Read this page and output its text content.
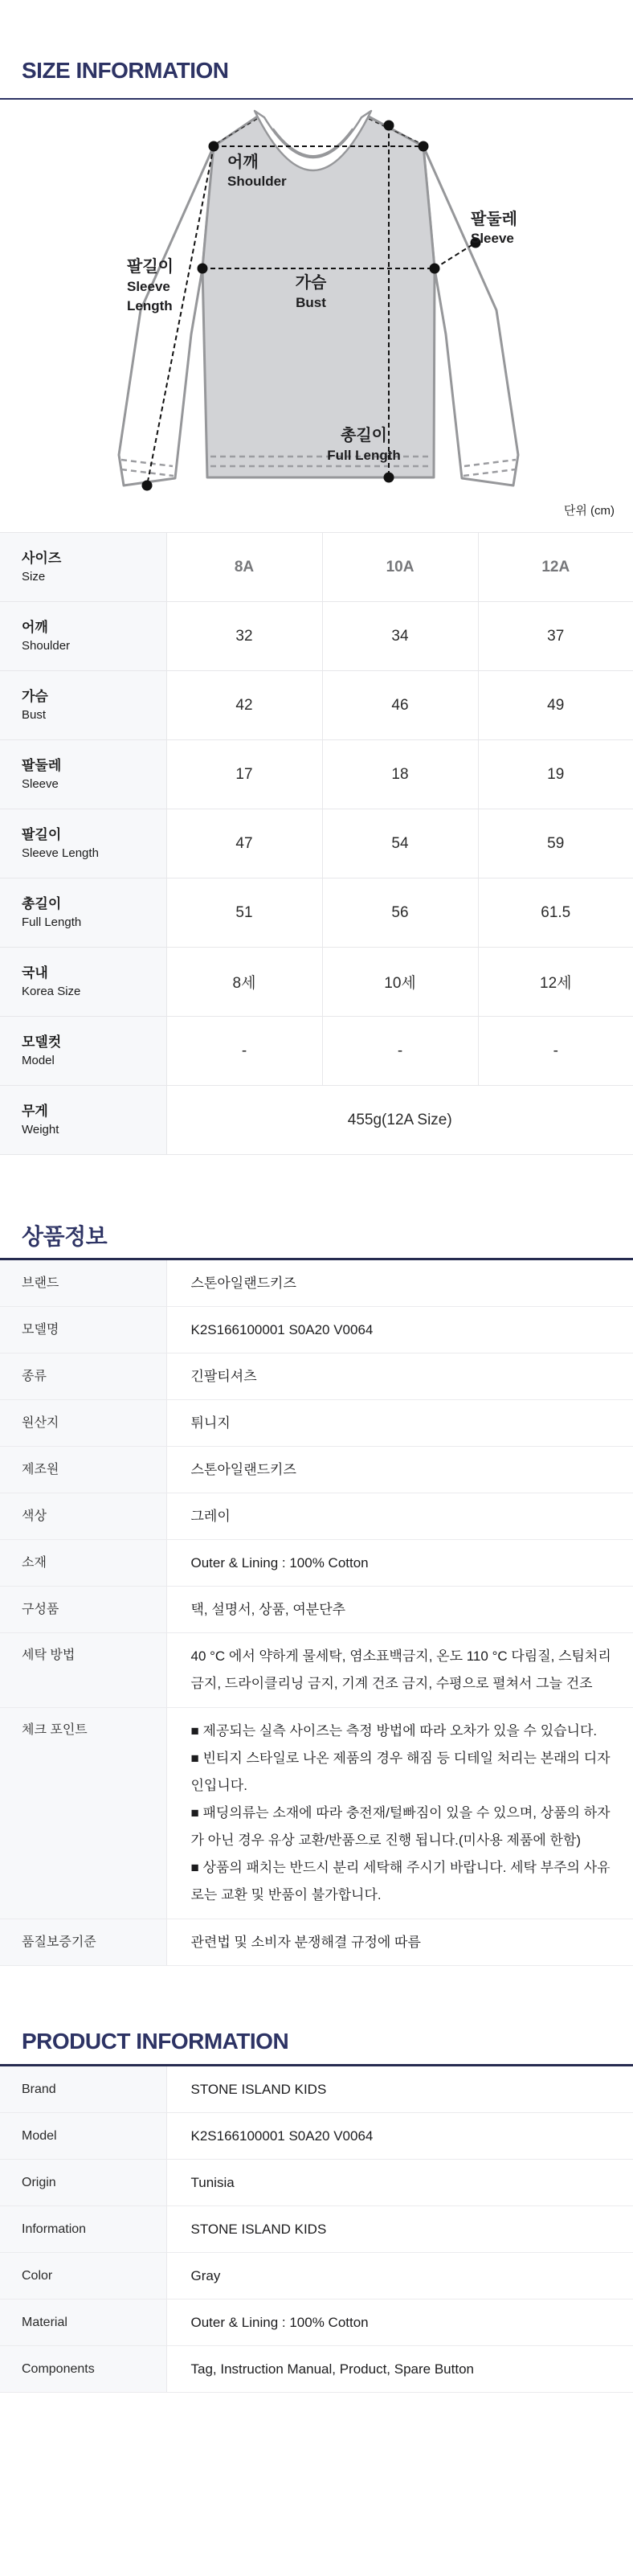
SIZE INFORMATION
어깨
Shoulder
팔둘레
Sleeve
팔길이
Sleeve
Length
가슴
Bust
총길이
Full Length
단위 (cm)
사이즈
Size	8A	10A	12A

어깨
Shoulder	32	34	37

가슴
Bust	42	46	49

팔둘레
Sleeve	17	18	19

팔길이
Sleeve Length	47	54	59

총길이
Full Length	51	56	61.5

국내
Korea Size	8세	10세	12세

모델컷
Model	-	-	-

무게
Weight	455g(12A Size)		
상품정보
브랜드	스톤아일랜드키즈
모델명	K2S166100001 S0A20 V0064
종류	긴팔티셔츠
원산지	튀니지
제조원	스톤아일랜드키즈
색상	그레이
소재	Outer & Lining : 100% Cotton
구성품	택, 설명서, 상품, 여분단추
세탁 방법	40 °C 에서 약하게 물세탁, 염소표백금지, 온도 110 °C 다림질, 스팀처리 금지, 드라이클리닝 금지, 기계 건조 금지, 수평으로 펼쳐서 그늘 건조
체크 포인트	■ 제공되는 실측 사이즈는 측정 방법에 따라 오차가 있을 수 있습니다.

■ 빈티지 스타일로 나온 제품의 경우 해짐 등 디테일 처리는 본래의 디자인입니다.

■ 패딩의류는 소재에 따라 충전재/털빠짐이 있을 수 있으며, 상품의 하자가 아닌 경우 유상 교환/반품으로 진행 됩니다.(미사용 제품에 한함)

■ 상품의 패치는 반드시 분리 세탁해 주시기 바랍니다. 세탁 부주의 사유로는 교환 및 반품이 불가합니다.

품질보증기준	관련법 및 소비자 분쟁해결 규정에 따름
PRODUCT INFORMATION
Brand	STONE ISLAND KIDS
Model	K2S166100001 S0A20 V0064
Origin	Tunisia
Information	STONE ISLAND KIDS
Color	Gray
Material	Outer & Lining : 100% Cotton
Components	Tag, Instruction Manual, Product, Spare Button
